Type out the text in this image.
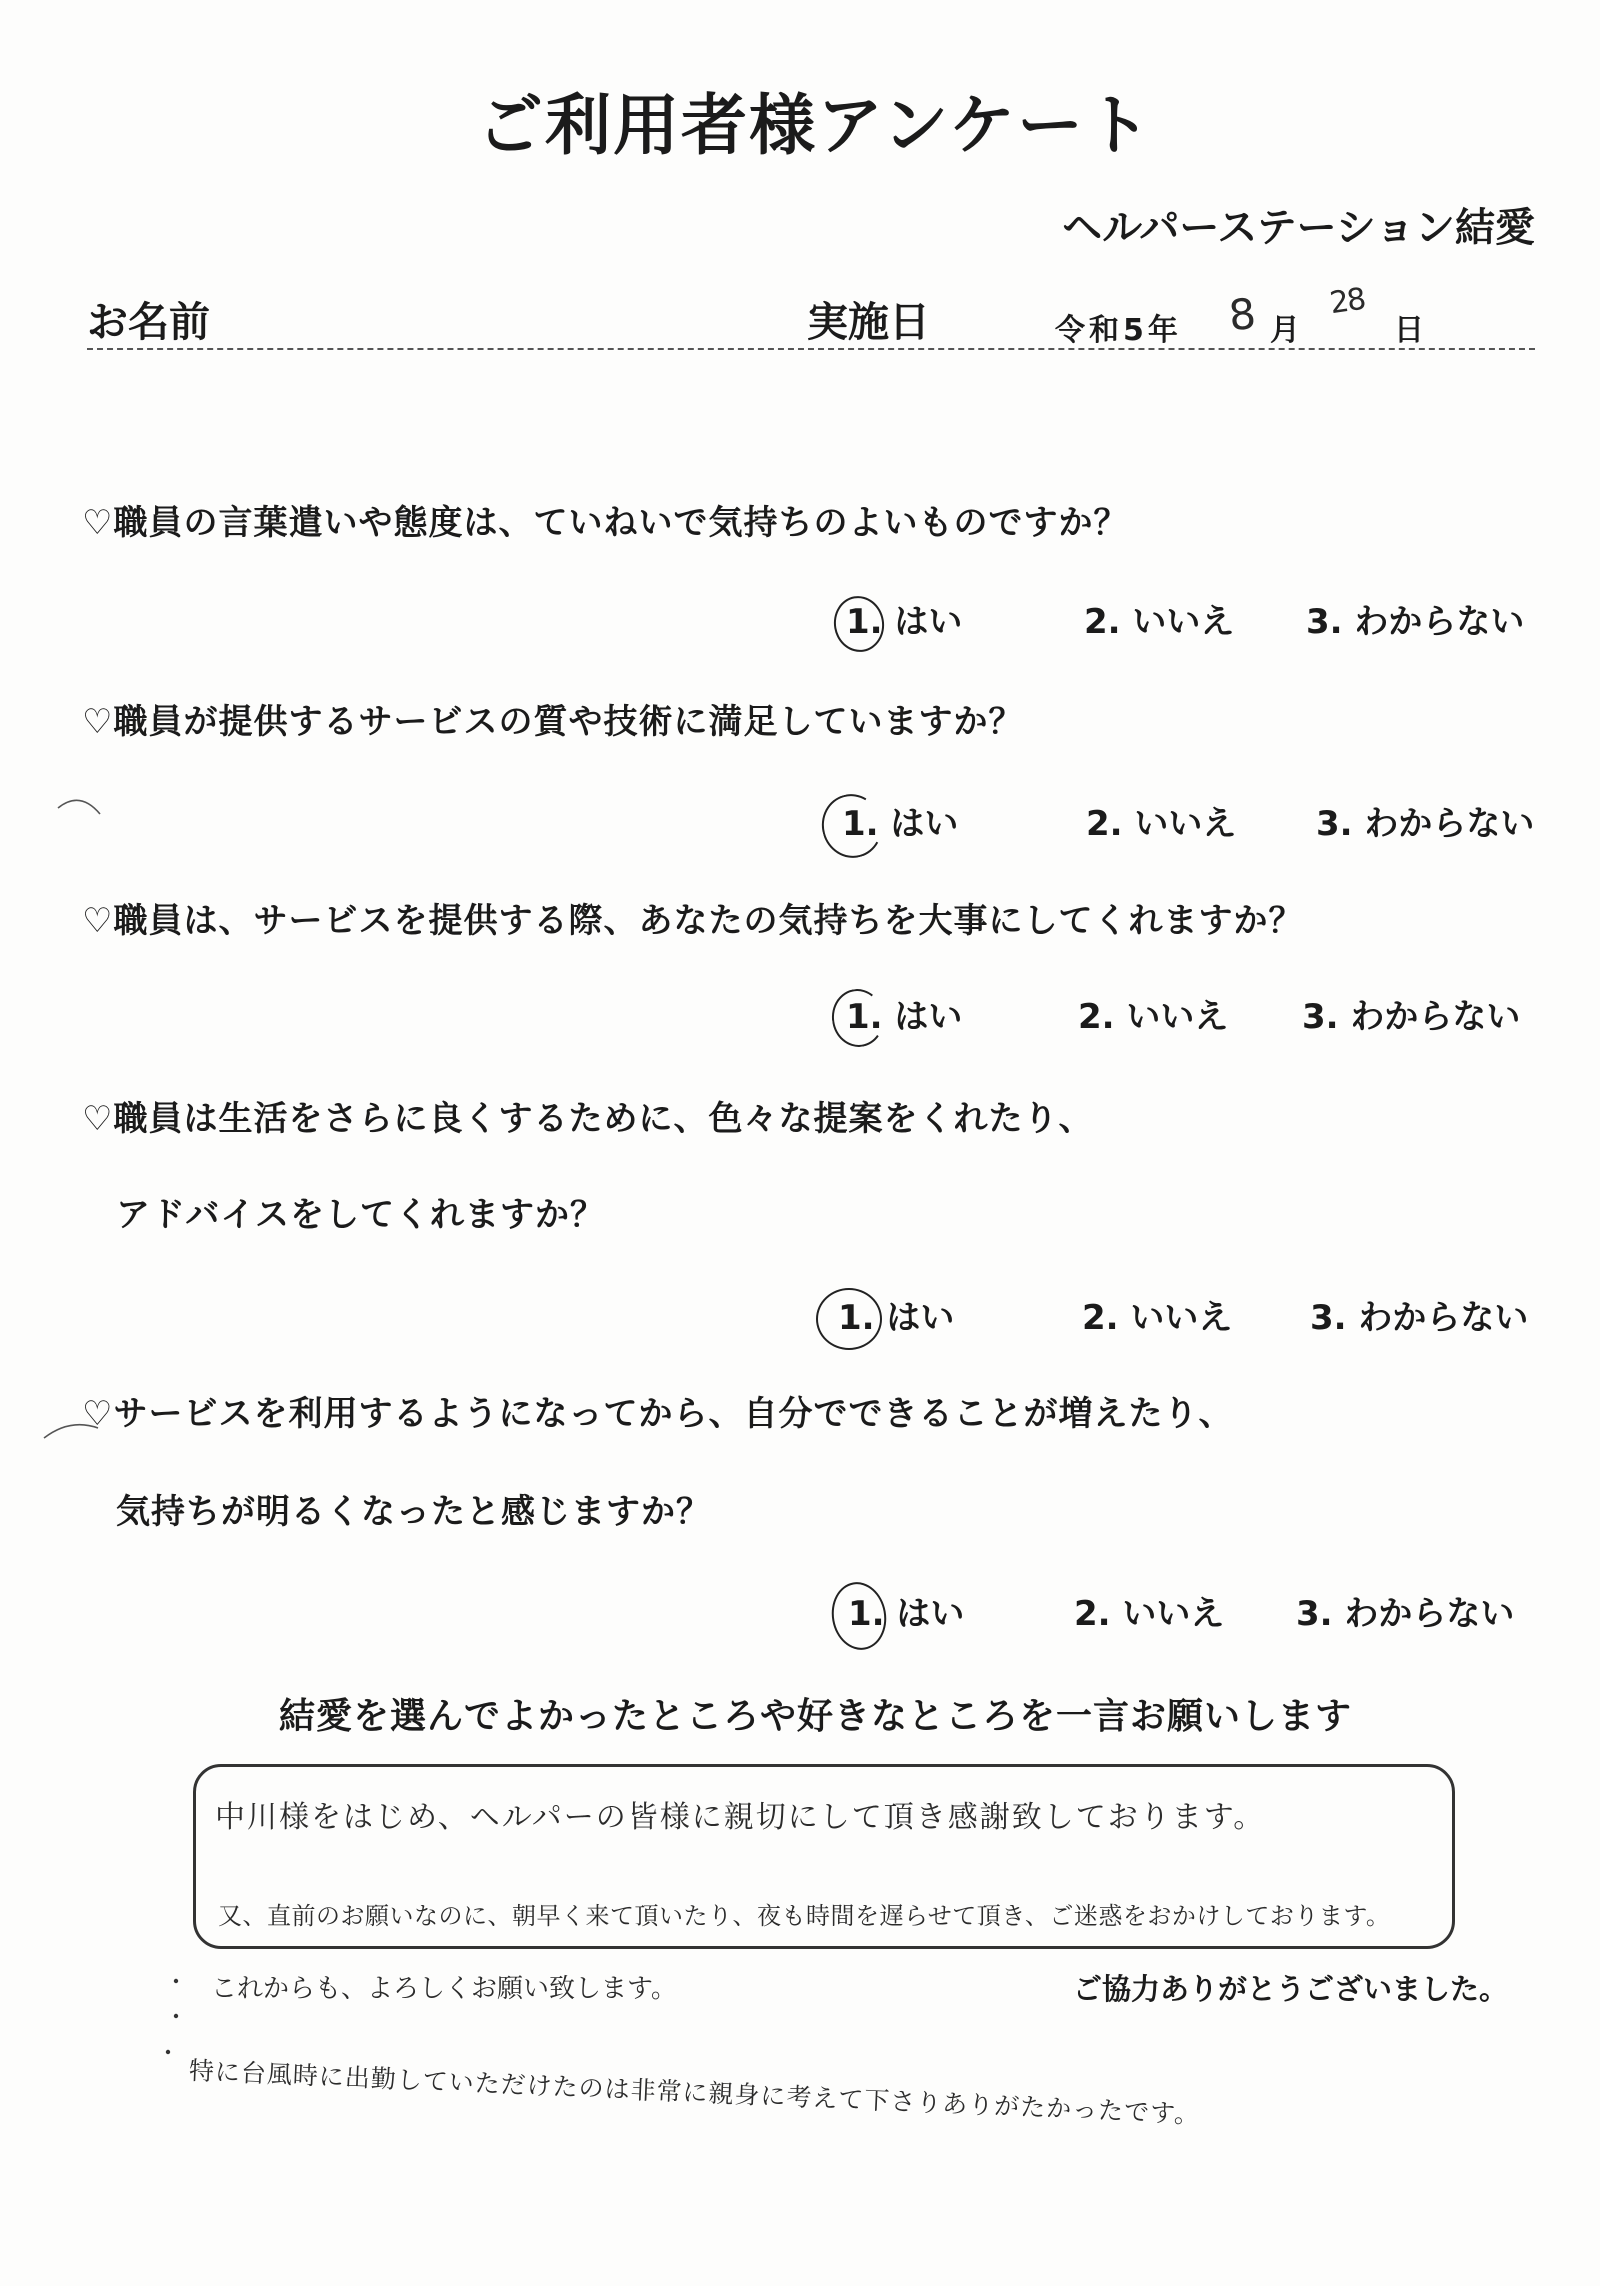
ご利用者様アンケート
ヘルパーステーション結愛
お名前	実施日	令和5年 8 月
28
日
♡職員の言葉遣いや態度は、ていねいで気持ちのよいものですか？
1. はい	2. いいえ 3. わからない
♡職員が提供するサービスの質や技術に満足していますか？
1. はい	2. いいえ 3. わからない
♡職員は、サービスを提供する際、あなたの気持ちを大事にしてくれますか？
1. はい	2. いいえ 3. わからない
♡職員は生活をさらに良くするために、色々な提案をくれたり、
アドバイスをしてくれますか？
1. はい	2. いいえ 3. わからない
♡サービスを利用するようになってから、自分でできることが増えたり、
気持ちが明るくなったと感じますか？
1. はい	2. いいえ 3. わからない
結愛を選んでよかったところや好きなところを一言お願いします
中川様をはじめ、ヘルパーの皆様に親切にして頂き感謝致しております。
又、直前のお願いなのに、朝早く来て頂いたり、夜も時間を遅らせて頂き、ご迷惑をおかけしております。
これからも、よろしくお願い致します。	ご協力ありがとうございました。
特に台風時に出勤していただけたのは非常に親身に考えて下さりありがたかったです。
